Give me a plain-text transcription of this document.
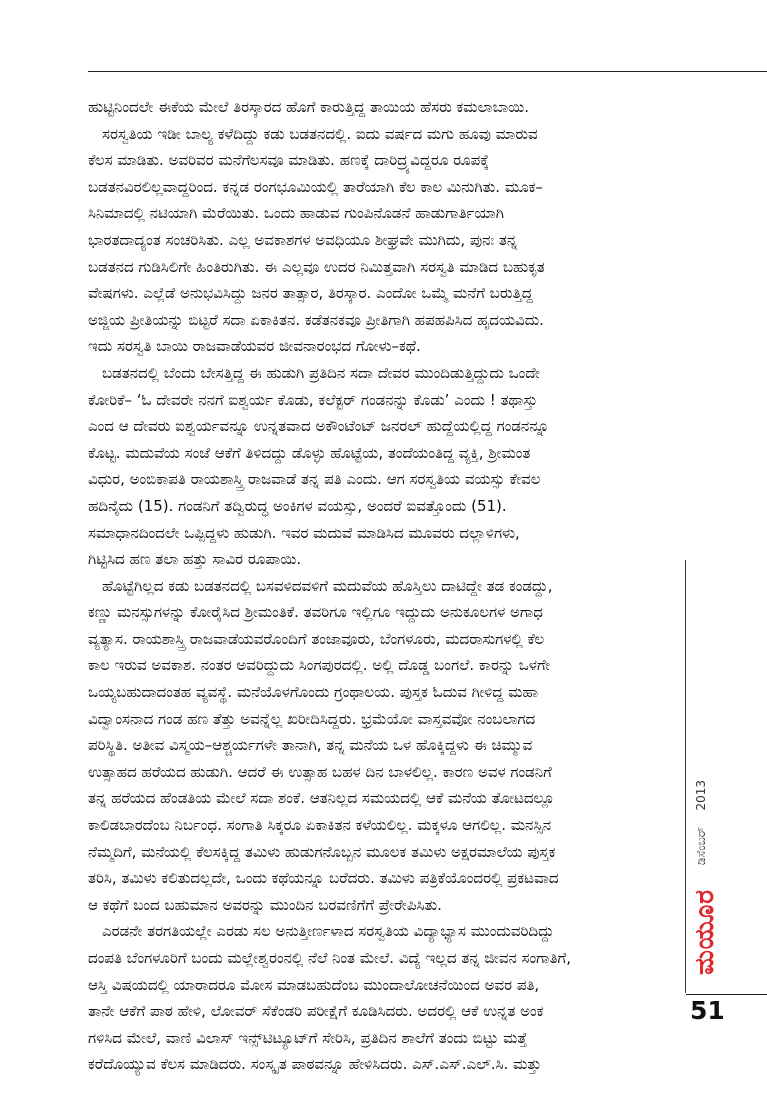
ಹುಟ್ಟಿನಿಂದಲೇ ಈಕೆಯ ಮೇಲೆ ತಿರಸ್ಕಾರದ ಹೊಗೆ ಕಾರುತ್ತಿದ್ದ ತಾಯಿಯ ಹೆಸರು ಕಮಲಾಬಾಯಿ.

ಸರಸ್ವತಿಯ ಇಡೀ ಬಾಲ್ಯ ಕಳೆದಿದ್ದು ಕಡು ಬಡತನದಲ್ಲಿ. ಐದು ವರ್ಷದ ಮಗು ಹೂವು ಮಾರುವ
ಕೆಲಸ ಮಾಡಿತು. ಅವರಿವರ ಮನೆಗೆಲಸವೂ ಮಾಡಿತು. ಹಣಕ್ಕೆ ದಾರಿದ್ರ್ಯವಿದ್ದರೂ ರೂಪಕ್ಕೆ
ಬಡತನವಿರಲಿಲ್ಲವಾದ್ದರಿಂದ. ಕನ್ನಡ ರಂಗಭೂಮಿಯಲ್ಲಿ ತಾರೆಯಾಗಿ ಕೆಲ ಕಾಲ ಮಿನುಗಿತು. ಮೂಕ–
ಸಿನಿಮಾದಲ್ಲಿ ನಟಿಯಾಗಿ ಮೆರೆಯಿತು. ಒಂದು ಹಾಡುವ ಗುಂಪಿನೊಡನೆ ಹಾಡುಗಾರ್ತಿಯಾಗಿ
ಭಾರತದಾದ್ಯಂತ ಸಂಚರಿಸಿತು. ಎಲ್ಲ ಅವಕಾಶಗಳ ಅವಧಿಯೂ ಶೀಘ್ರವೇ ಮುಗಿದು, ಪುನಃ ತನ್ನ
ಬಡತನದ ಗುಡಿಸಿಲಿಗೇ ಹಿಂತಿರುಗಿತು. ಈ ಎಲ್ಲವೂ ಉದರ ನಿಮಿತ್ತವಾಗಿ ಸರಸ್ವತಿ ಮಾಡಿದ ಬಹುಕೃತ
ವೇಷಗಳು. ಎಲ್ಲೆಡೆ ಅನುಭವಿಸಿದ್ದು ಜನರ ತಾತ್ಸಾರ, ತಿರಸ್ಕಾರ. ಎಂದೋ ಒಮ್ಮೆ ಮನೆಗೆ ಬರುತ್ತಿದ್ದ
ಅಜ್ಜಿಯ ಪ್ರೀತಿಯನ್ನು ಬಿಟ್ಟರೆ ಸದಾ ಏಕಾಕಿತನ. ಕಡೆತನಕವೂ ಪ್ರೀತಿಗಾಗಿ ಹಪಹಪಿಸಿದ ಹೃದಯವಿದು.
ಇದು ಸರಸ್ವತಿ ಬಾಯಿ ರಾಜವಾಡೆಯವರ ಜೀವನಾರಂಭದ ಗೋಳು–ಕಥೆ.

ಬಡತನದಲ್ಲಿ ಬೆಂದು ಬೇಸತ್ತಿದ್ದ ಈ ಹುಡುಗಿ ಪ್ರತಿದಿನ ಸದಾ ದೇವರ ಮುಂದಿಡುತ್ತಿದ್ದುದು ಒಂದೇ
ಕೋರಿಕೆ– ‘ಓ ದೇವರೇ ನನಗೆ ಐಶ್ವರ್ಯ ಕೊಡು, ಕಲೆಕ್ಟರ್ ಗಂಡನನ್ನು ಕೊಡು’ ಎಂದು ! ತಥಾಸ್ತು
ಎಂದ ಆ ದೇವರು ಐಶ್ವರ್ಯವನ್ನೂ ಉನ್ನತವಾದ ಅಕೌಂಟೆಂಟ್ ಜನರಲ್ ಹುದ್ದೆಯಲ್ಲಿದ್ದ ಗಂಡನನ್ನೂ
ಕೊಟ್ಟ. ಮದುವೆಯ ಸಂಜೆ ಆಕೆಗೆ ತಿಳಿದದ್ದು ಡೊಳ್ಳು ಹೊಟ್ಟೆಯ, ತಂದೆಯಂತಿದ್ದ ವ್ಯಕ್ತಿ, ಶ್ರೀಮಂತ
ವಿಧುರ, ಅಂಬಿಕಾಪತಿ ರಾಯಶಾಸ್ತ್ರಿ ರಾಜವಾಡೆ ತನ್ನ ಪತಿ ಎಂದು. ಆಗ ಸರಸ್ವತಿಯ ವಯಸ್ಸು ಕೇವಲ
ಹದಿನೈದು (15). ಗಂಡನಿಗೆ ತದ್ವಿರುದ್ಧ ಅಂಕಿಗಳ ವಯಸ್ಸು, ಅಂದರೆ ಐವತ್ತೊಂದು (51).
ಸಮಾಧಾನದಿಂದಲೇ ಒಪ್ಪಿದ್ದಳು ಹುಡುಗಿ. ಇವರ ಮದುವೆ ಮಾಡಿಸಿದ ಮೂವರು ದಲ್ಲಾಳಿಗಳು,
ಗಿಟ್ಟಿಸಿದ ಹಣ ತಲಾ ಹತ್ತು ಸಾವಿರ ರೂಪಾಯಿ.

ಹೊಟ್ಟೆಗಿಲ್ಲದ ಕಡು ಬಡತನದಲ್ಲಿ ಬಸವಳಿದವಳಿಗೆ ಮದುವೆಯ ಹೊಸ್ತಿಲು ದಾಟಿದ್ದೇ ತಡ ಕಂಡದ್ದು,
ಕಣ್ಣು ಮನಸ್ಸುಗಳನ್ನು ಕೋರೈಸಿದ ಶ್ರೀಮಂತಿಕೆ. ತವರಿಗೂ ಇಲ್ಲಿಗೂ ಇದ್ದುದು ಅನುಕೂಲಗಳ ಅಗಾಧ
ವ್ಯತ್ಯಾಸ. ರಾಯಶಾಸ್ತ್ರಿ ರಾಜವಾಡೆಯವರೊಂದಿಗೆ ತಂಜಾವೂರು, ಬೆಂಗಳೂರು, ಮದರಾಸುಗಳಲ್ಲಿ ಕೆಲ
ಕಾಲ ಇರುವ ಅವಕಾಶ. ನಂತರ ಅವರಿದ್ದುದು ಸಿಂಗಪುರದಲ್ಲಿ. ಅಲ್ಲಿ ದೊಡ್ಡ ಬಂಗಲೆ. ಕಾರನ್ನು ಒಳಗೇ
ಒಯ್ಯಬಹುದಾದಂತಹ ವ್ಯವಸ್ಥೆ. ಮನೆಯೊಳಗೊಂದು ಗ್ರಂಥಾಲಯ. ಪುಸ್ತಕ ಓದುವ ಗೀಳಿದ್ದ ಮಹಾ
ವಿದ್ವಾಂಸನಾದ ಗಂಡ ಹಣ ತೆತ್ತು ಅವನ್ನೆಲ್ಲ ಖರೀದಿಸಿದ್ದರು. ಭ್ರಮೆಯೋ ವಾಸ್ತವವೋ ನಂಬಲಾಗದ
ಪರಿಸ್ಥಿತಿ. ಅತೀವ ವಿಸ್ಮಯ–ಆಶ್ಚರ್ಯಗಳೇ ತಾನಾಗಿ, ತನ್ನ ಮನೆಯ ಒಳ ಹೊಕ್ಕಿದ್ದಳು ಈ ಚಿಮ್ಮುವ
ಉತ್ಸಾಹದ ಹರೆಯದ ಹುಡುಗಿ. ಆದರೆ ಈ ಉತ್ಸಾಹ ಬಹಳ ದಿನ ಬಾಳಲಿಲ್ಲ. ಕಾರಣ ಅವಳ ಗಂಡನಿಗೆ
ತನ್ನ ಹರೆಯದ ಹೆಂಡತಿಯ ಮೇಲೆ ಸದಾ ಶಂಕೆ. ಆತನಿಲ್ಲದ ಸಮಯದಲ್ಲಿ ಆಕೆ ಮನೆಯ ತೋಟದಲ್ಲೂ
ಕಾಲಿಡಬಾರದೆಂಬ ನಿರ್ಬಂಧ. ಸಂಗಾತಿ ಸಿಕ್ಕರೂ ಏಕಾಕಿತನ ಕಳೆಯಲಿಲ್ಲ. ಮಕ್ಕಳೂ ಆಗಲಿಲ್ಲ. ಮನಸ್ಸಿನ
ನೆಮ್ಮದಿಗೆ, ಮನೆಯಲ್ಲಿ ಕೆಲಸಕ್ಕಿದ್ದ ತಮಿಳು ಹುಡುಗನೊಬ್ಬನ ಮೂಲಕ ತಮಿಳು ಅಕ್ಷರಮಾಲೆಯ ಪುಸ್ತಕ
ತರಿಸಿ, ತಮಿಳು ಕಲಿತುದಲ್ಲದೇ, ಒಂದು ಕಥೆಯನ್ನೂ ಬರೆದರು. ತಮಿಳು ಪತ್ರಿಕೆಯೊಂದರಲ್ಲಿ ಪ್ರಕಟವಾದ
ಆ ಕಥೆಗೆ ಬಂದ ಬಹುಮಾನ ಅವರನ್ನು ಮುಂದಿನ ಬರವಣಿಗೆಗೆ ಪ್ರೇರೇಪಿಸಿತು.

ಎರಡನೇ ತರಗತಿಯಲ್ಲೇ ಎರಡು ಸಲ ಅನುತ್ತೀರ್ಣಳಾದ ಸರಸ್ವತಿಯ ವಿದ್ಯಾಭ್ಯಾಸ ಮುಂದುವರಿದಿದ್ದು
ದಂಪತಿ ಬೆಂಗಳೂರಿಗೆ ಬಂದು ಮಲ್ಲೇಶ್ವರಂನಲ್ಲಿ ನೆಲೆ ನಿಂತ ಮೇಲೆ. ವಿದ್ಯೆ ಇಲ್ಲದ ತನ್ನ ಜೀವನ ಸಂಗಾತಿಗೆ,
ಆಸ್ತಿ ವಿಷಯದಲ್ಲಿ ಯಾರಾದರೂ ಮೋಸ ಮಾಡಬಹುದೆಂಬ ಮುಂದಾಲೋಚನೆಯಿಂದ ಅವರ ಪತಿ,
ತಾನೇ ಆಕೆಗೆ ಪಾಠ ಹೇಳಿ, ಲೋವರ್ ಸೆಕೆಂಡರಿ ಪರೀಕ್ಷೆಗೆ ಕೂಡಿಸಿದರು. ಅದರಲ್ಲಿ ಆಕೆ ಉನ್ನತ ಅಂಕ
ಗಳಿಸಿದ ಮೇಲೆ, ವಾಣಿ ವಿಲಾಸ್ ಇನ್ಸ್‌ಟಿಟ್ಯೂಟ್‌ಗೆ ಸೇರಿಸಿ, ಪ್ರತಿದಿನ ಶಾಲೆಗೆ ತಂದು ಬಿಟ್ಟು ಮತ್ತೆ
ಕರೆದೊಯ್ಯುವ ಕೆಲಸ ಮಾಡಿದರು. ಸಂಸ್ಕೃತ ಪಾಠವನ್ನೂ ಹೇಳಿಸಿದರು. ಎಸ್.ಎಸ್.ಎಲ್.ಸಿ. ಮತ್ತು

2013
ಡಿಸೆಂಬರ್
ಮಯೂರ
51
